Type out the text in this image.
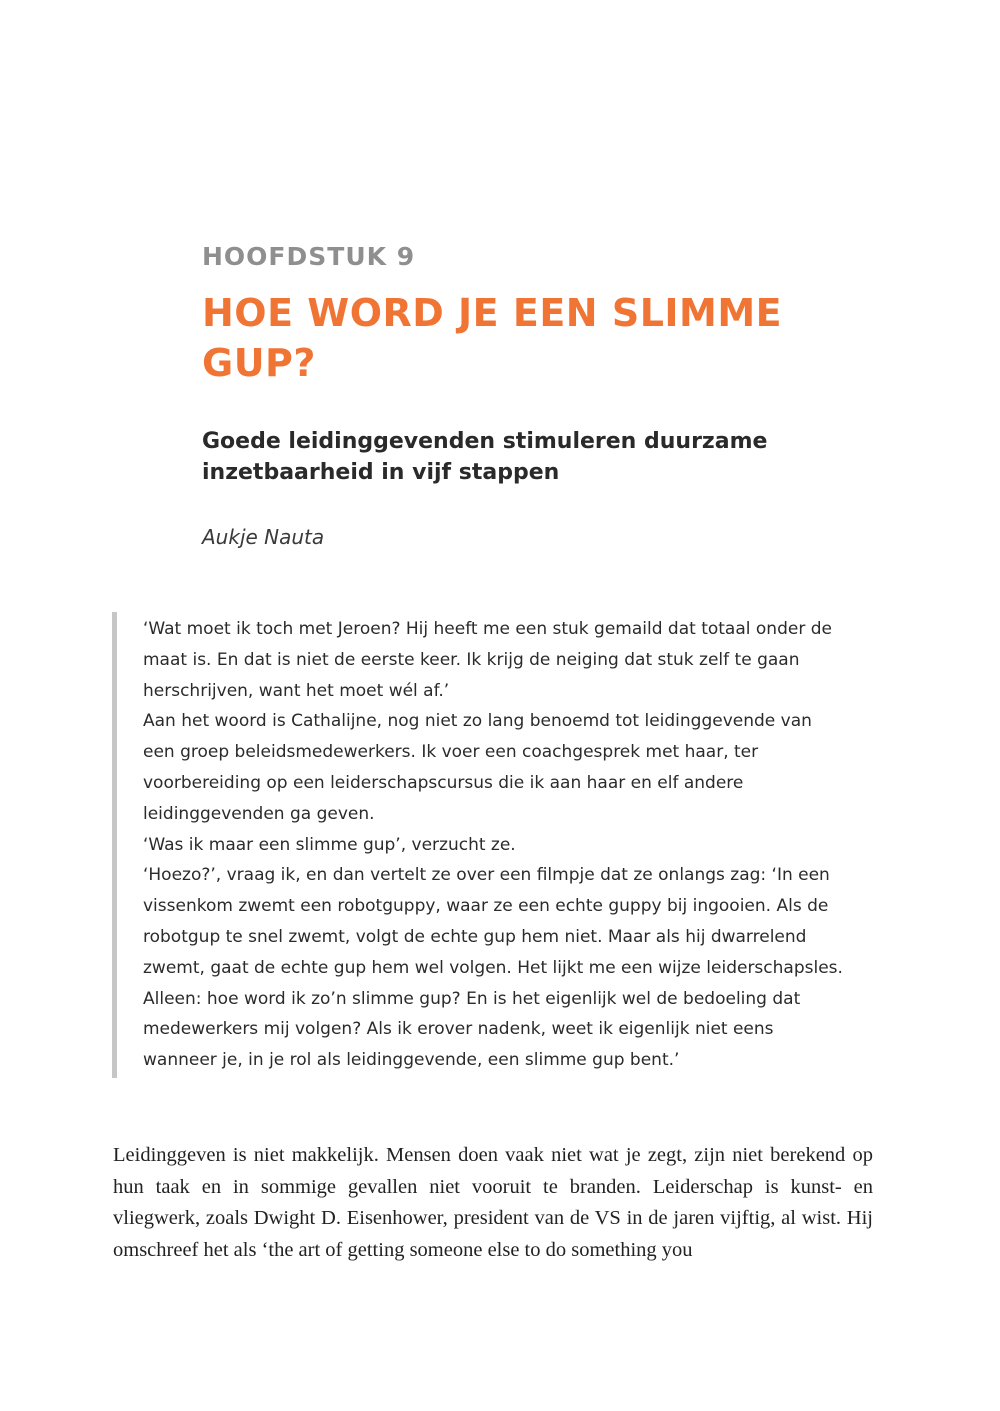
HOOFDSTUK 9
HOE WORD JE EEN SLIMME GUP?
Goede leidinggevenden stimuleren duurzame inzetbaarheid in vijf stappen

Aukje Nauta

‘Wat moet ik toch met Jeroen? Hij heeft me een stuk gemaild dat totaal onder de maat is. En dat is niet de eerste keer. Ik krijg de neiging dat stuk zelf te gaan herschrijven, want het moet wél af.’

Aan het woord is Cathalijne, nog niet zo lang benoemd tot leidinggevende van een groep beleidsmedewerkers. Ik voer een coachgesprek met haar, ter voorbereiding op een leiderschapscursus die ik aan haar en elf andere leidinggevenden ga geven.

‘Was ik maar een slimme gup’, verzucht ze.

‘Hoezo?’, vraag ik, en dan vertelt ze over een filmpje dat ze onlangs zag: ‘In een vissenkom zwemt een robotguppy, waar ze een echte guppy bij ingooien. Als de robotgup te snel zwemt, volgt de echte gup hem niet. Maar als hij dwarrelend zwemt, gaat de echte gup hem wel volgen. Het lijkt me een wijze leiderschapsles. Alleen: hoe word ik zo’n slimme gup? En is het eigenlijk wel de bedoeling dat medewerkers mij volgen? Als ik erover nadenk, weet ik eigenlijk niet eens wanneer je, in je rol als leidinggevende, een slimme gup bent.’

Leidinggeven is niet makkelijk. Mensen doen vaak niet wat je zegt, zijn niet berekend op hun taak en in sommige gevallen niet vooruit te branden. Leiderschap is kunst- en vliegwerk, zoals Dwight D. Eisenhower, president van de VS in de jaren vijftig, al wist. Hij omschreef het als ‘the art of getting someone else to do something you
